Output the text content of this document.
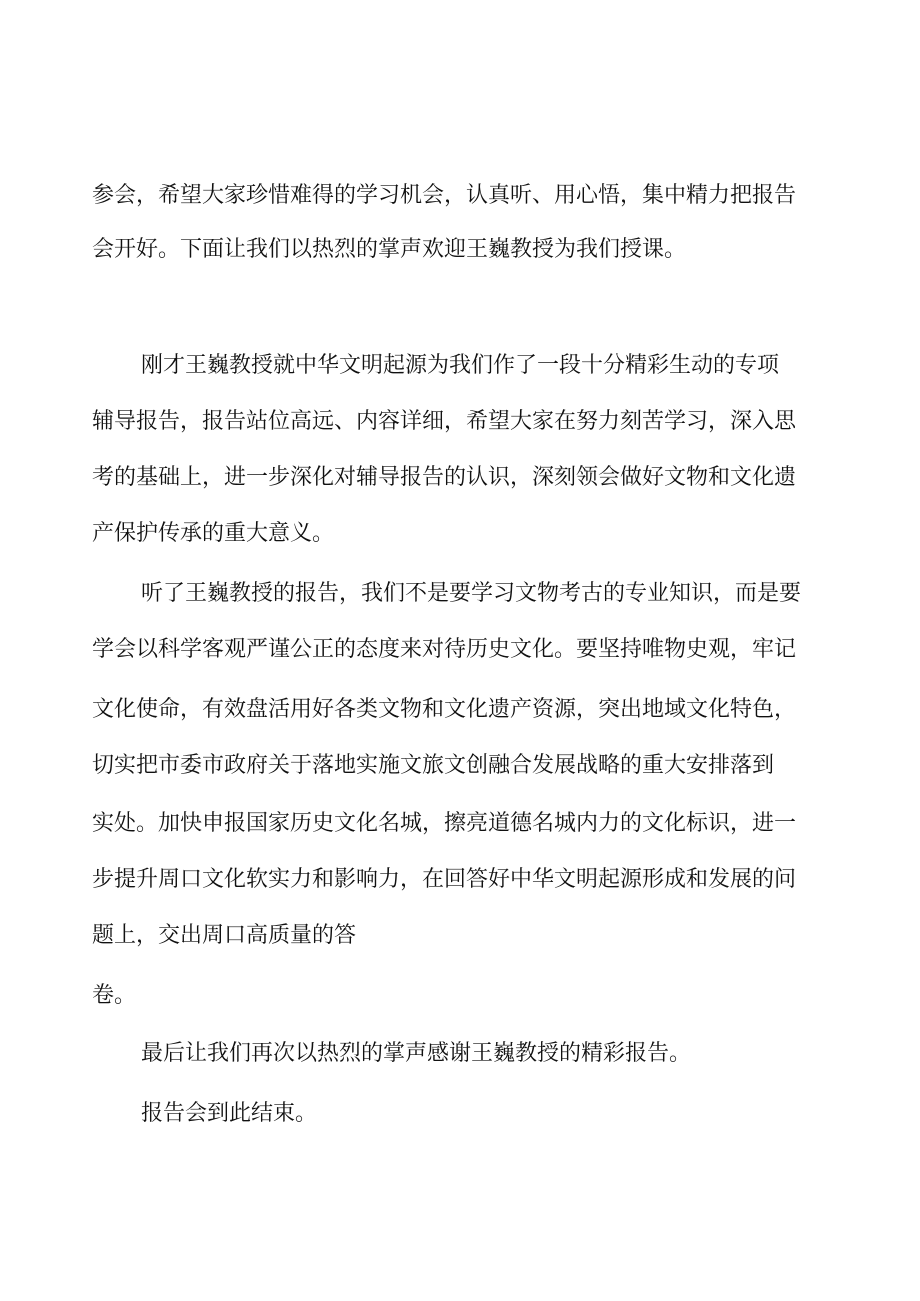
参会，希望大家珍惜难得的学习机会，认真听、用心悟，集中精力把报告

会开好。下面让我们以热烈的掌声欢迎王巍教授为我们授课。

刚才王巍教授就中华文明起源为我们作了一段十分精彩生动的专项

辅导报告，报告站位高远、内容详细，希望大家在努力刻苦学习，深入思

考的基础上，进一步深化对辅导报告的认识，深刻领会做好文物和文化遗

产保护传承的重大意义。

听了王巍教授的报告，我们不是要学习文物考古的专业知识，而是要

学会以科学客观严谨公正的态度来对待历史文化。要坚持唯物史观，牢记

文化使命，有效盘活用好各类文物和文化遗产资源，突出地域文化特色，

切实把市委市政府关于落地实施文旅文创融合发展战略的重大安排落到

实处。加快申报国家历史文化名城，擦亮道德名城内力的文化标识，进一

步提升周口文化软实力和影响力，在回答好中华文明起源形成和发展的问

题上，交出周口高质量的答

卷。

最后让我们再次以热烈的掌声感谢王巍教授的精彩报告。

报告会到此结束。
